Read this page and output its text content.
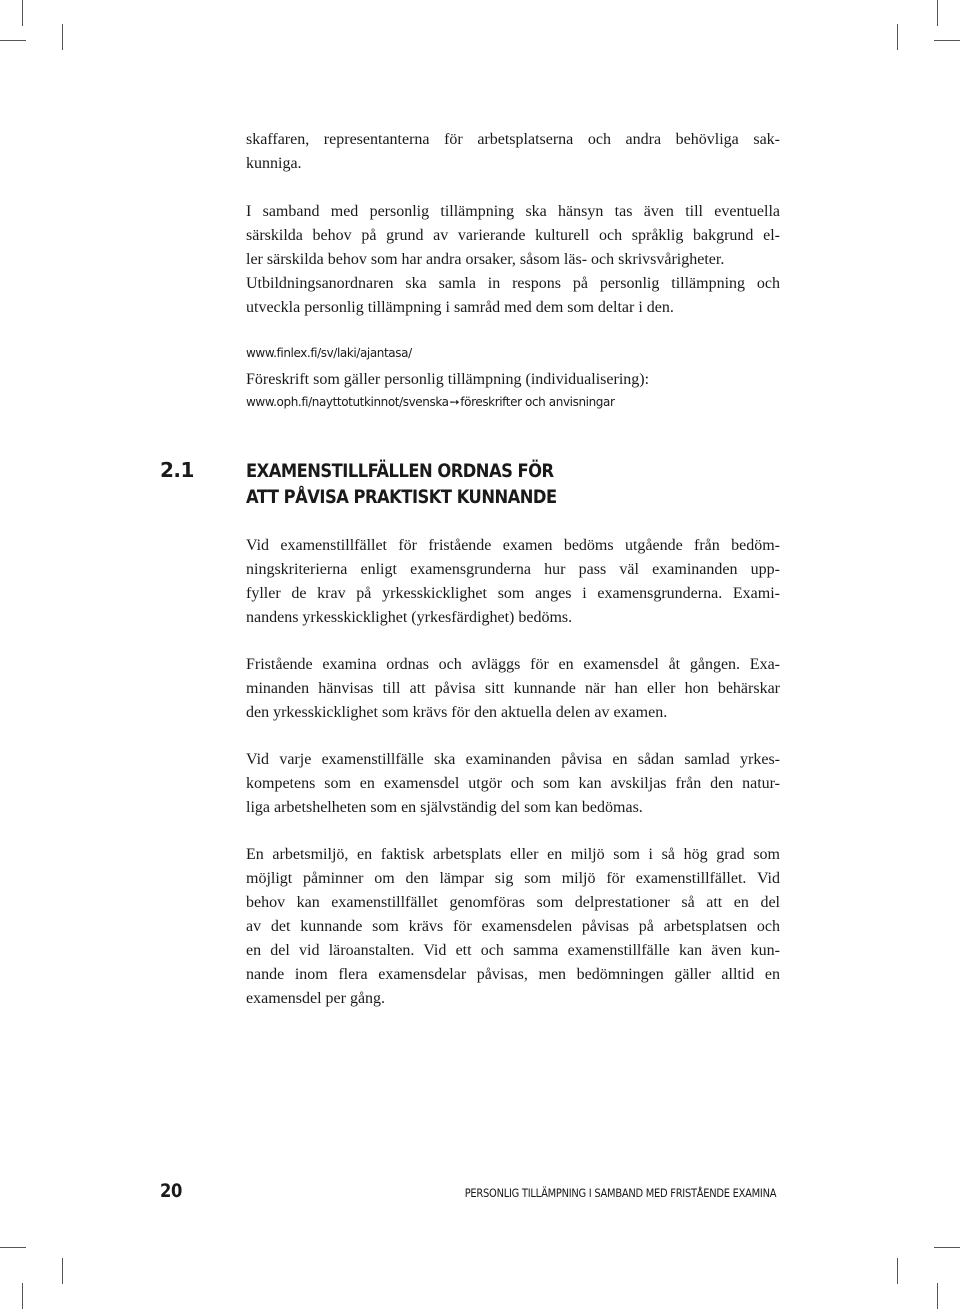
skaffaren, representanterna för arbetsplatserna och andra behövliga sak-
kunniga.
I samband med personlig tillämpning ska hänsyn tas även till eventuella
särskilda behov på grund av varierande kulturell och språklig bakgrund el-
ler särskilda behov som har andra orsaker, såsom läs- och skrivsvårigheter.
Utbildningsanordnaren ska samla in respons på personlig tillämpning och
utveckla personlig tillämpning i samråd med dem som deltar i den.
www.finlex.fi/sv/laki/ajantasa/
Föreskrift som gäller personlig tillämpning (individualisering):
www.oph.fi/nayttotutkinnot/svenska➙föreskrifter och anvisningar
Vid examenstillfället för fristående examen bedöms utgående från bedöm-
ningskriterierna enligt examensgrunderna hur pass väl examinanden upp-
fyller de krav på yrkesskicklighet som anges i examensgrunderna. Exami-
nandens yrkesskicklighet (yrkesfärdighet) bedöms.
Fristående examina ordnas och avläggs för en examensdel åt gången. Exa-
minanden hänvisas till att påvisa sitt kunnande när han eller hon behärskar
den yrkesskicklighet som krävs för den aktuella delen av examen.
Vid varje examenstillfälle ska examinanden påvisa en sådan samlad yrkes-
kompetens som en examensdel utgör och som kan avskiljas från den natur-
liga arbetshelheten som en självständig del som kan bedömas.
En arbetsmiljö, en faktisk arbetsplats eller en miljö som i så hög grad som
möjligt påminner om den lämpar sig som miljö för examenstillfället. Vid
behov kan examenstillfället genomföras som delprestationer så att en del
av det kunnande som krävs för examensdelen påvisas på arbetsplatsen och
en del vid läroanstalten. Vid ett och samma examenstillfälle kan även kun-
nande inom flera examensdelar påvisas, men bedömningen gäller alltid en
examensdel per gång.
2.1	EXAMENSTILLFÄLLEN ORDNAS FÖR
ATT PÅVISA PRAKTISKT KUNNANDE
20	PERSONLIG TILLÄMPNING I SAMBAND MED FRISTÅENDE EXAMINA
